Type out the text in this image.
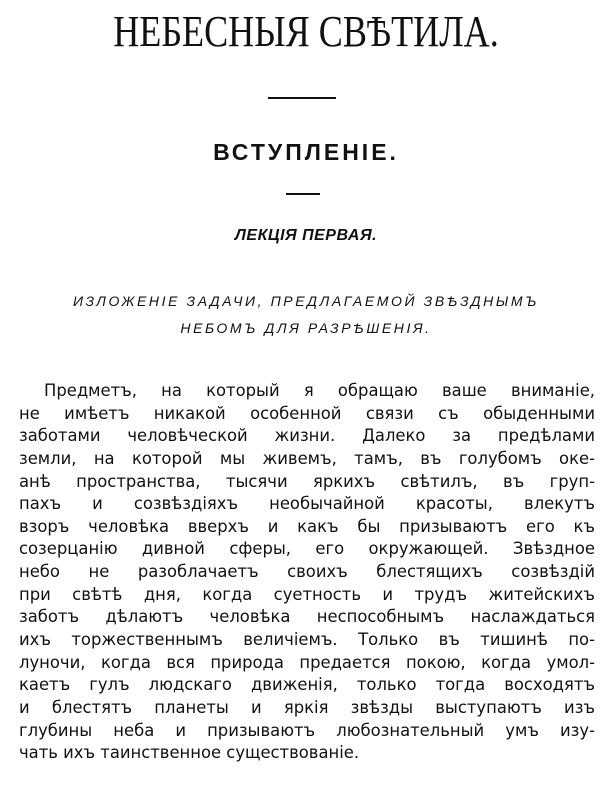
НЕБЕСНЫЯ СВѢТИЛА.
ВСТУПЛЕНІЕ.
ЛЕКЦІЯ ПЕРВАЯ.
ИЗЛОЖЕНІЕ ЗАДАЧИ, ПРЕДЛАГАЕМОЙ ЗВѢЗДНЫМЪ
НЕБОМЪ ДЛЯ РАЗРѢШЕНІЯ.
Предметъ, на который я обращаю ваше вниманіе,
не имѣетъ никакой особенной связи съ обыденными
заботами человѣческой жизни. Далеко за предѣлами
земли, на которой мы живемъ, тамъ, въ голубомъ оке-
анѣ пространства, тысячи яркихъ свѣтилъ, въ груп-
пахъ и созвѣздіяхъ необычайной красоты, влекутъ
взоръ человѣка вверхъ и какъ бы призываютъ его къ
созерцанію дивной сферы, его окружающей. Звѣздное
небо не разоблачаетъ своихъ блестящихъ созвѣздій
при свѣтѣ дня, когда суетность и трудъ житейскихъ
заботъ дѣлаютъ человѣка неспособнымъ наслаждаться
ихъ торжественнымъ величіемъ. Только въ тишинѣ по-
луночи, когда вся природа предается покою, когда умол-
каетъ гулъ людскаго движенія, только тогда восходятъ
и блестятъ планеты и яркія звѣзды выступаютъ изъ
глубины неба и призываютъ любознательный умъ изу-
чать ихъ таинственное существованіе.
